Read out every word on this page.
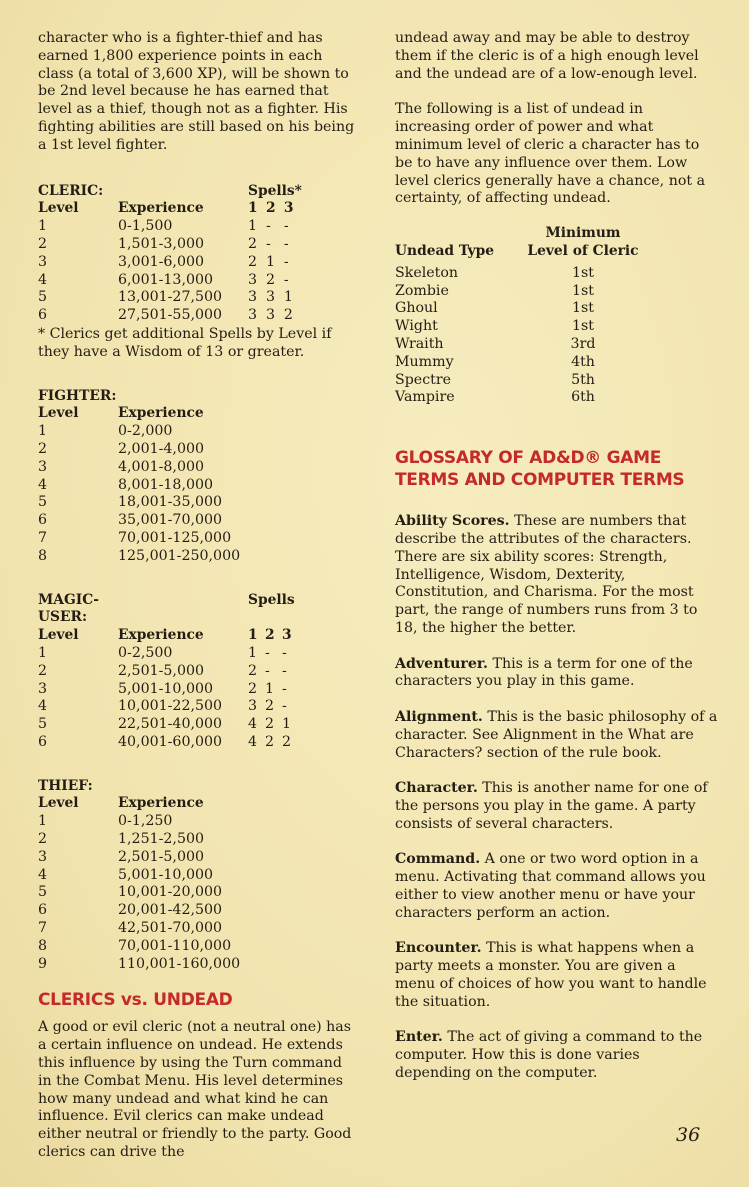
character who is a fighter-thief and has earned 1,800 experience points in each class (a total of 3,600 XP), will be shown to be 2nd level because he has earned that level as a thief, though not as a fighter. His fighting abilities are still based on his being a 1st level fighter.

CLERIC:		Spells*		
Level	Experience	1	2	3
1	0-1,500	1	-	-
2	1,501-3,000	2	-	-
3	3,001-6,000	2	1	-
4	6,001-13,000	3	2	-
5	13,001-27,500	3	3	1
6	27,501-55,000	3	3	2

* Clerics get additional Spells by Level if they have a Wisdom of 13 or greater.

FIGHTER:	
Level	Experience
1	0-2,000
2	2,001-4,000
3	4,001-8,000
4	8,001-18,000
5	18,001-35,000
6	35,001-70,000
7	70,001-125,000
8	125,001-250,000
MAGIC-USER:		Spells		
Level	Experience	1	2	3
1	0-2,500	1	-	-
2	2,501-5,000	2	-	-
3	5,001-10,000	2	1	-
4	10,001-22,500	3	2	-
5	22,501-40,000	4	2	1
6	40,001-60,000	4	2	2
THIEF:	
Level	Experience
1	0-1,250
2	1,251-2,500
3	2,501-5,000
4	5,001-10,000
5	10,001-20,000
6	20,001-42,500
7	42,501-70,000
8	70,001-110,000
9	110,001-160,000
CLERICS vs. UNDEAD

A good or evil cleric (not a neutral one) has a certain influence on undead. He extends this influence by using the Turn command in the Combat Menu. His level determines how many undead and what kind he can influence. Evil clerics can make undead either neutral or friendly to the party. Good clerics can drive the

undead away and may be able to destroy them if the cleric is of a high enough level and the undead are of a low-enough level.

The following is a list of undead in increasing order of power and what minimum level of cleric a character has to be to have any influence over them. Low level clerics generally have a chance, not a certainty, of affecting undead.

	Minimum
Undead Type	Level of Cleric

Skeleton	1st
Zombie	1st
Ghoul	1st
Wight	1st
Wraith	3rd
Mummy	4th
Spectre	5th
Vampire	6th
GLOSSARY OF AD&D® GAME
TERMS AND COMPUTER TERMS

Ability Scores. These are numbers that describe the attributes of the characters. There are six ability scores: Strength, Intelligence, Wisdom, Dexterity, Constitution, and Charisma. For the most part, the range of numbers runs from 3 to 18, the higher the better.

Adventurer. This is a term for one of the characters you play in this game.

Alignment. This is the basic philosophy of a character. See Alignment in the What are Characters? section of the rule book.

Character. This is another name for one of the persons you play in the game. A party consists of several characters.

Command. A one or two word option in a menu. Activating that command allows you either to view another menu or have your characters perform an action.

Encounter. This is what happens when a party meets a monster. You are given a menu of choices of how you want to handle the situation.

Enter. The act of giving a command to the computer. How this is done varies depending on the computer.

36
